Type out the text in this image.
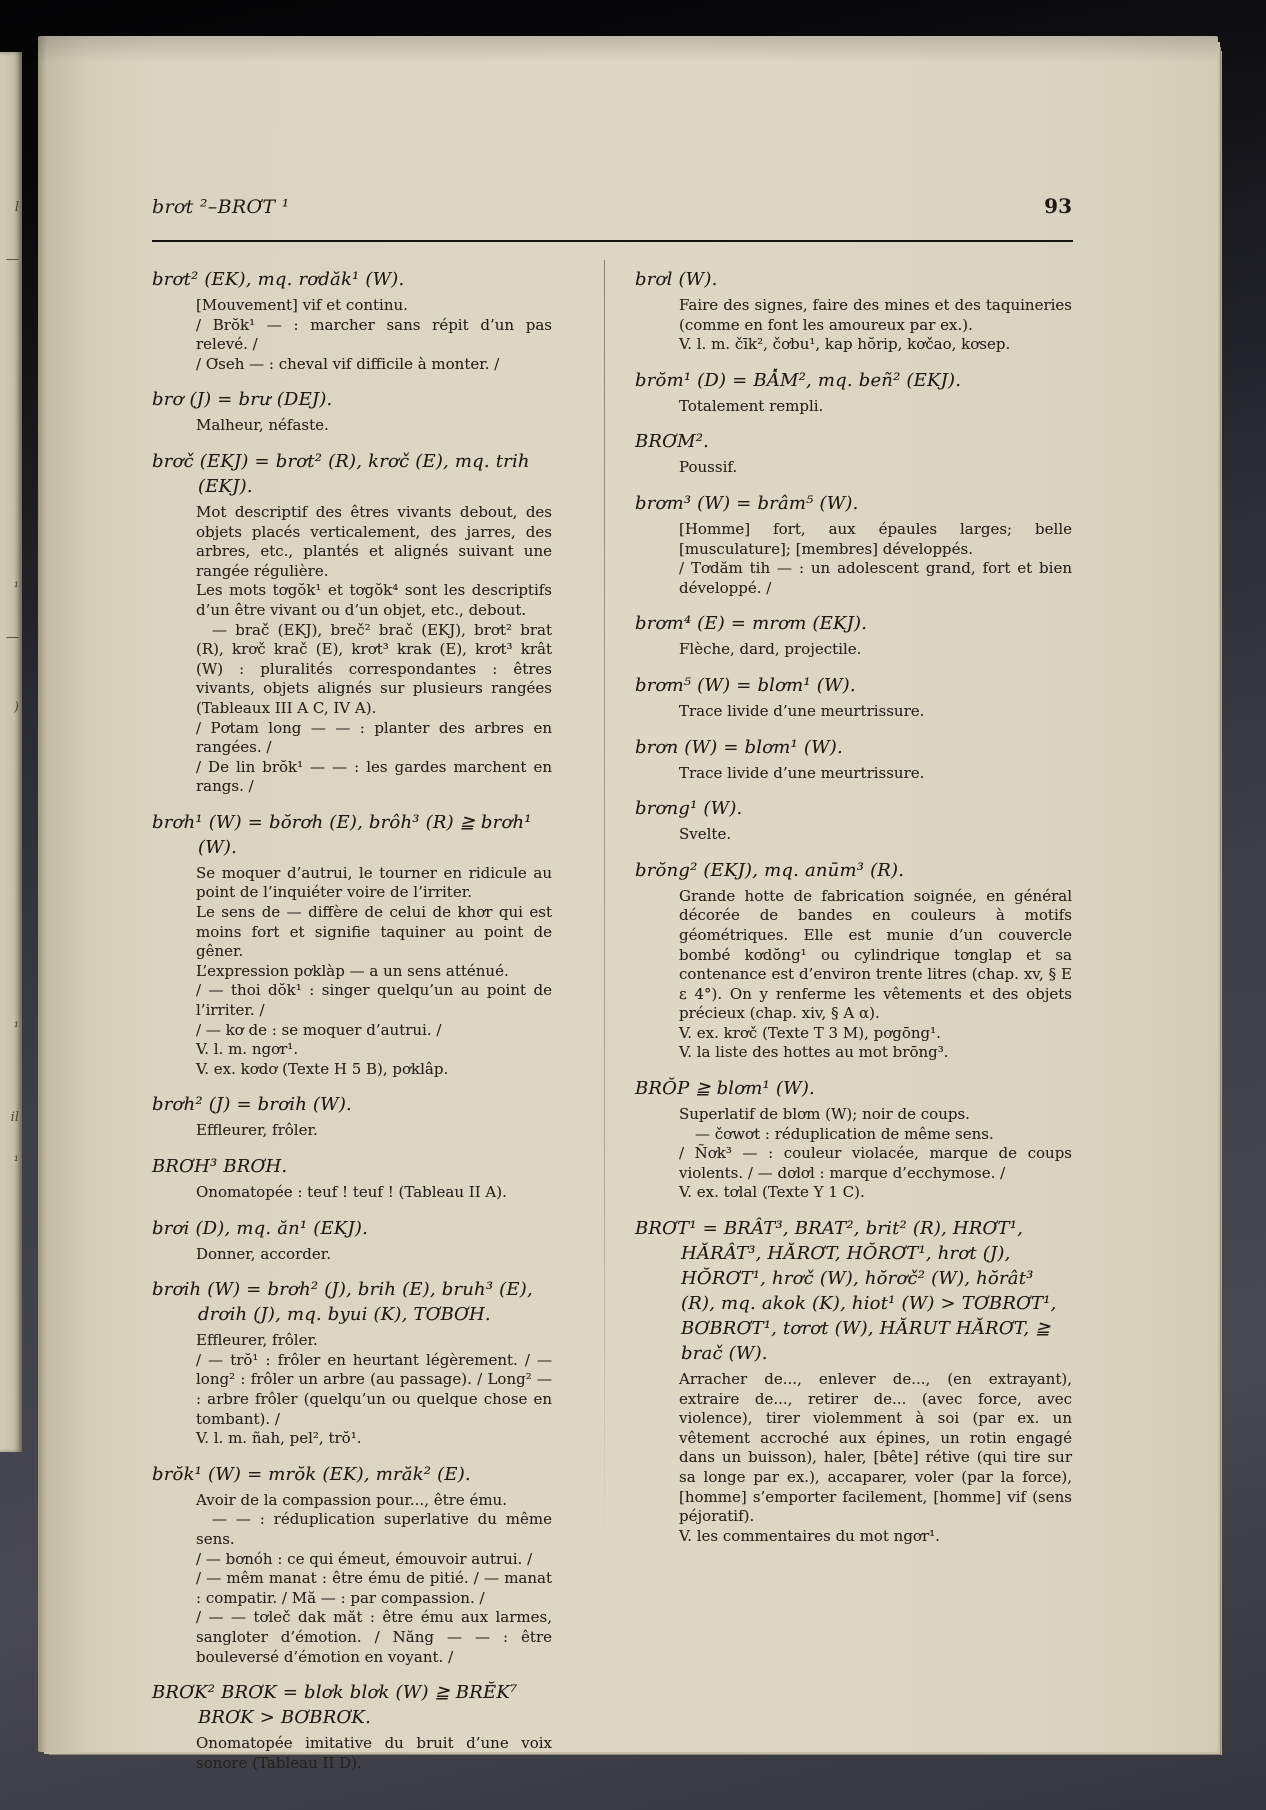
l
—
¹
—
)
¹
il
¹
brơt ²–BRƠT ¹	93

brơt² (EK), mq. rơdăk¹ (W).

[Mouvement] vif et continu.

/ Brŏk¹ — : marcher sans répit d’un pas relevé. /

/ Ơseh — : cheval vif difficile à monter. /

brơ (J) = brư (DEJ).

Malheur, néfaste.

brơč (EKJ) = brơt² (R), krơč (E), mq. trih (EKJ).

Mot descriptif des êtres vivants debout, des objets placés verticalement, des jarres, des arbres, etc., plantés et alignés suivant une rangée régulière.

Les mots tơgŏk¹ et tơgŏk⁴ sont les descriptifs d’un être vivant ou d’un objet, etc., debout.

— brač (EKJ), breč² brač (EKJ), brơt² brat (R), krơč krač (E), krơt³ krak (E), krơt³ krât (W) : pluralités correspondantes : êtres vivants, objets alignés sur plusieurs rangées (Tableaux III A C, IV A).

/ Pơtam long — — : planter des arbres en rangées. /

/ De lin brŏk¹ — — : les gardes marchent en rangs. /

brơh¹ (W) = bŏrơh (E), brôh³ (R) ≧ brơh¹ (W).

Se moquer d’autrui, le tourner en ridicule au point de l’inquiéter voire de l’irriter.

Le sens de — diffère de celui de khơr qui est moins fort et signifie taquiner au point de gêner.

L’expression pơklàp — a un sens atténué.

/ — thoi dŏk¹ : singer quelqu’un au point de l’irriter. /

/ — kơ de : se moquer d’autrui. /

V. l. m. ngơr¹.

V. ex. kơdơ (Texte H 5 B), pơklâp.

brơh² (J) = brơih (W).

Effleurer, frôler.

BRƠH³ BRƠH.

Onomatopée : teuf ! teuf ! (Tableau II A).

brơi (D), mq. ăn¹ (EKJ).

Donner, accorder.

brơih (W) = brơh² (J), brih (E), bruh³ (E), drơih (J), mq. byui (K), TƠBƠH.

Effleurer, frôler.

/ — trŏ¹ : frôler en heurtant légèrement. / — long² : frôler un arbre (au passage). / Long² — : arbre frôler (quelqu’un ou quelque chose en tombant). /

V. l. m. ñah, pel², trŏ¹.

brŏk¹ (W) = mrŏk (EK), mrăk² (E).

Avoir de la compassion pour..., être ému.

— — : réduplication superlative du même sens.

/ — bơnóh : ce qui émeut, émouvoir autrui. /

/ — mêm manat : être ému de pitié. / — manat : compatir. / Mă — : par compassion. /

/ — — tơleč dak măt : être ému aux larmes, sangloter d’émotion. / Năng — — : être bouleversé d’émotion en voyant. /

BRƠK² BRƠK = blơk blơk (W) ≧ BRĔK⁷ BRƠK > BƠBRƠK.

Onomatopée imitative du bruit d’une voix sonore (Tableau II D).

brơl (W).

Faire des signes, faire des mines et des taquineries (comme en font les amoureux par ex.).

V. l. m. čīk², čơbu¹, kap hŏrip, kơčao, kơsep.

brŏm¹ (D) = BA̽M², mq. beñ² (EKJ).

Totalement rempli.

BRƠM².

Poussif.

brơm³ (W) = brâm⁵ (W).

[Homme] fort, aux épaules larges; belle [musculature]; [membres] développés.

/ Tơdăm tih — : un adolescent grand, fort et bien développé. /

brơm⁴ (E) = mrơm (EKJ).

Flèche, dard, projectile.

brơm⁵ (W) = blơm¹ (W).

Trace livide d’une meurtrissure.

brơn (W) = blơm¹ (W).

Trace livide d’une meurtrissure.

brơng¹ (W).

Svelte.

brŏng² (EKJ), mq. anūm³ (R).

Grande hotte de fabrication soignée, en général décorée de bandes en couleurs à motifs géométriques. Elle est munie d’un couvercle bombé kơdŏng¹ ou cylindrique tơnglap et sa contenance est d’environ trente litres (chap. xv, § E ε 4°). On y renferme les vêtements et des objets précieux (chap. xiv, § A α).

V. ex. krơč (Texte T 3 M), pơgōng¹.

V. la liste des hottes au mot brōng³.

BRŎP ≧ blơm¹ (W).

Superlatif de blơm (W); noir de coups.

— čơwơt : réduplication de même sens.

/ Ñơk³ — : couleur violacée, marque de coups violents. / — dơlơl : marque d’ecchymose. /

V. ex. tơlal (Texte Y 1 C).

BRƠT¹ = BRÂT³, BRAT², brit² (R), HRƠT¹, HĂRÂT³, HĂRƠT, HŎRƠT¹, hrơt (J), HŎRƠT¹, hrơč (W), hŏrơč² (W), hŏrât³ (R), mq. akok (K), hiot¹ (W) > TƠBRƠT¹, BƠBRƠT¹, tơrơt (W), HĂRUT HĂRƠT, ≧ brač (W).

Arracher de..., enlever de..., (en extrayant), extraire de..., retirer de... (avec force, avec violence), tirer violemment à soi (par ex. un vêtement accroché aux épines, un rotin engagé dans un buisson), haler, [bête] rétive (qui tire sur sa longe par ex.), accaparer, voler (par la force), [homme] s’emporter facilement, [homme] vif (sens péjoratif).

V. les commentaires du mot ngơr¹.
